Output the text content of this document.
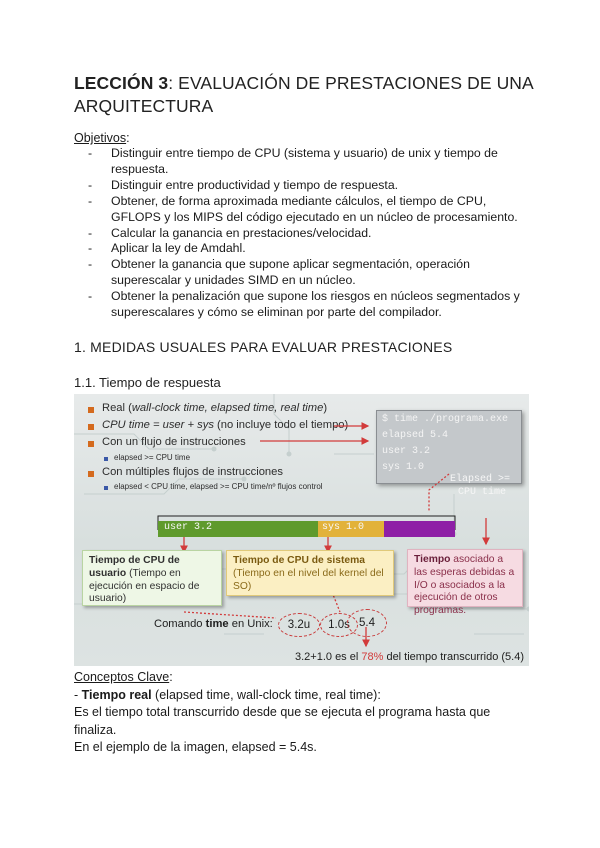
LECCIÓN 3: EVALUACIÓN DE PRESTACIONES DE UNA ARQUITECTURA
Objetivos:
- Distinguir entre tiempo de CPU (sistema y usuario) de unix y tiempo de respuesta.
- Distinguir entre productividad y tiempo de respuesta.
- Obtener, de forma aproximada mediante cálculos, el tiempo de CPU, GFLOPS y los MIPS del código ejecutado en un núcleo de procesamiento.
- Calcular la ganancia en prestaciones/velocidad.
- Aplicar la ley de Amdahl.
- Obtener la ganancia que supone aplicar segmentación, operación superescalar y unidades SIMD en un núcleo.
- Obtener la penalización que supone los riesgos en núcleos segmentados y superescalares y cómo se eliminan por parte del compilador.
1. MEDIDAS USUALES PARA EVALUAR PRESTACIONES
1.1. Tiempo de respuesta
Real (wall-clock time, elapsed time, real time)
CPU time = user + sys (no incluye todo el tiempo)
Con un flujo de instrucciones
elapsed >= CPU time
Con múltiples flujos de instrucciones
elapsed < CPU time, elapsed >= CPU time/nº flujos control
$ time ./programa.exe
elapsed 5.4
user 3.2
sys 1.0
Elapsed >=
CPU time
user 3.2	sys 1.0
Tiempo de CPU de usuario (Tiempo en ejecución en espacio de usuario)
Tiempo de CPU de sistema (Tiempo en el nivel del kernel del SO)
Tiempo asociado a las esperas debidas a I/O o asociados a la ejecución de otros programas.
Comando time en Unix:	3.2u	1.0s 5.4
3.2+1.0 es el 78% del tiempo transcurrido (5.4)
Conceptos Clave:
- Tiempo real (elapsed time, wall-clock time, real time):
Es el tiempo total transcurrido desde que se ejecuta el programa hasta que finaliza.
En el ejemplo de la imagen, elapsed = 5.4s.
